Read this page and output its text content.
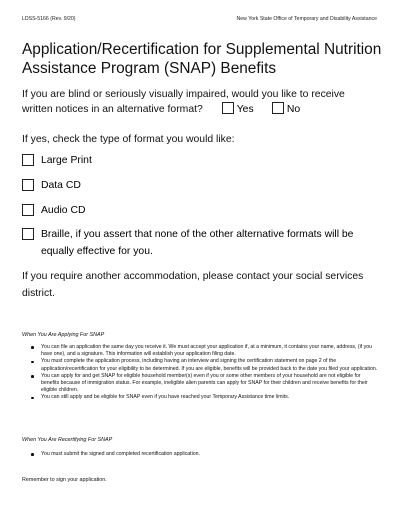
LDSS-5166 (Rev. 9/20)	New York State Office of Temporary and Disability Assistance
Application/Recertification for Supplemental Nutrition Assistance Program (SNAP) Benefits
If you are blind or seriously visually impaired, would you like to receive
written notices in an alternative format?	Yes	No
If yes, check the type of format you would like:
Large Print
Data CD
Audio CD
Braille, if you assert that none of the other alternative formats will be equally effective for you.
If you require another accommodation, please contact your social services district.
When You Are Applying For SNAP
You can file an application the same day you receive it. We must accept your application if, at a minimum, it contains your name, address, (if you have one), and a signature. This information will establish your application filing date.
You must complete the application process, including having an interview and signing the certification statement on page 2 of the application/recertification for your eligibility to be determined. If you are eligible, benefits will be provided back to the date you filed your application.
You can apply for and get SNAP for eligible household member(s) even if you or some other members of your household are not eligible for benefits because of immigration status. For example, ineligible alien parents can apply for SNAP for their children and receive benefits for their eligible children.
You can still apply and be eligible for SNAP even if you have reached your Temporary Assistance time limits.
When You Are Recertifying For SNAP
You must submit the signed and completed recertification application.
Remember to sign your application.
